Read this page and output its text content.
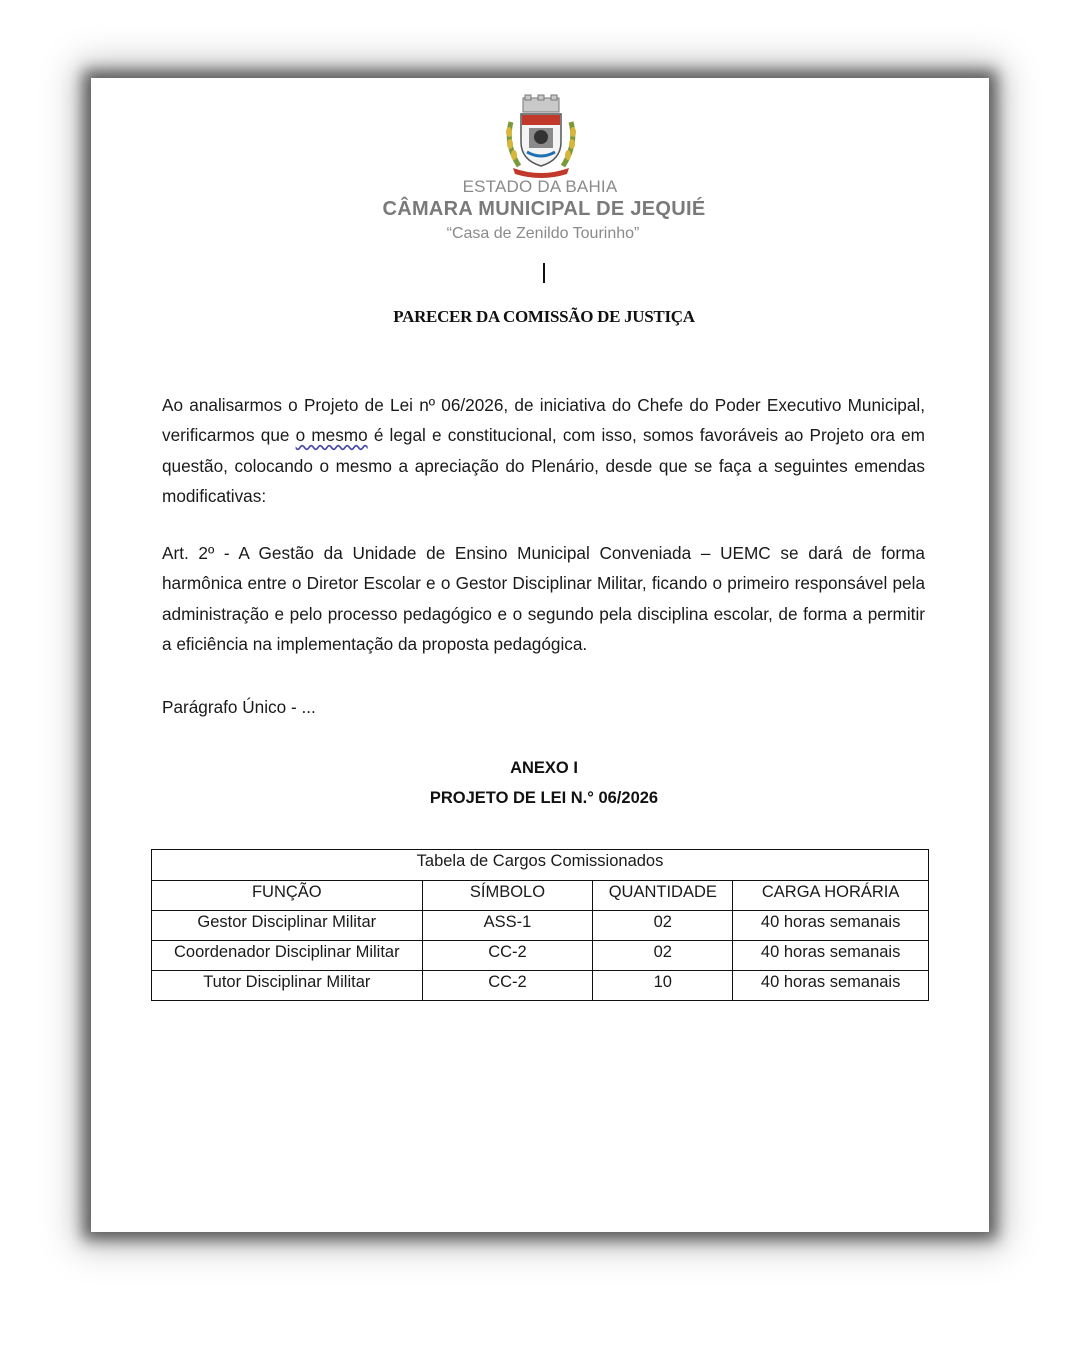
ESTADO DA BAHIA
CÂMARA MUNICIPAL DE JEQUIÉ
“Casa de Zenildo Tourinho”
PARECER DA COMISSÃO DE JUSTIÇA
Ao analisarmos o Projeto de Lei nº 06/2026, de iniciativa do Chefe do Poder Executivo Municipal, verificarmos que o mesmo é legal e constitucional, com isso, somos favoráveis ao Projeto ora em questão, colocando o mesmo a apreciação do Plenário, desde que se faça a seguintes emendas modificativas:
Art. 2º - A Gestão da Unidade de Ensino Municipal Conveniada – UEMC se dará de forma harmônica entre o Diretor Escolar e o Gestor Disciplinar Militar, ficando o primeiro responsável pela administração e pelo processo pedagógico e o segundo pela disciplina escolar, de forma a permitir a eficiência na implementação da proposta pedagógica.
Parágrafo Único - ...
ANEXO I
PROJETO DE LEI N.° 06/2026
Tabela de Cargos Comissionados			
FUNÇÃO	SÍMBOLO	QUANTIDADE	CARGA HORÁRIA
Gestor Disciplinar Militar	ASS-1	02	40 horas semanais
Coordenador Disciplinar Militar	CC-2	02	40 horas semanais
Tutor Disciplinar Militar	CC-2	10	40 horas semanais
